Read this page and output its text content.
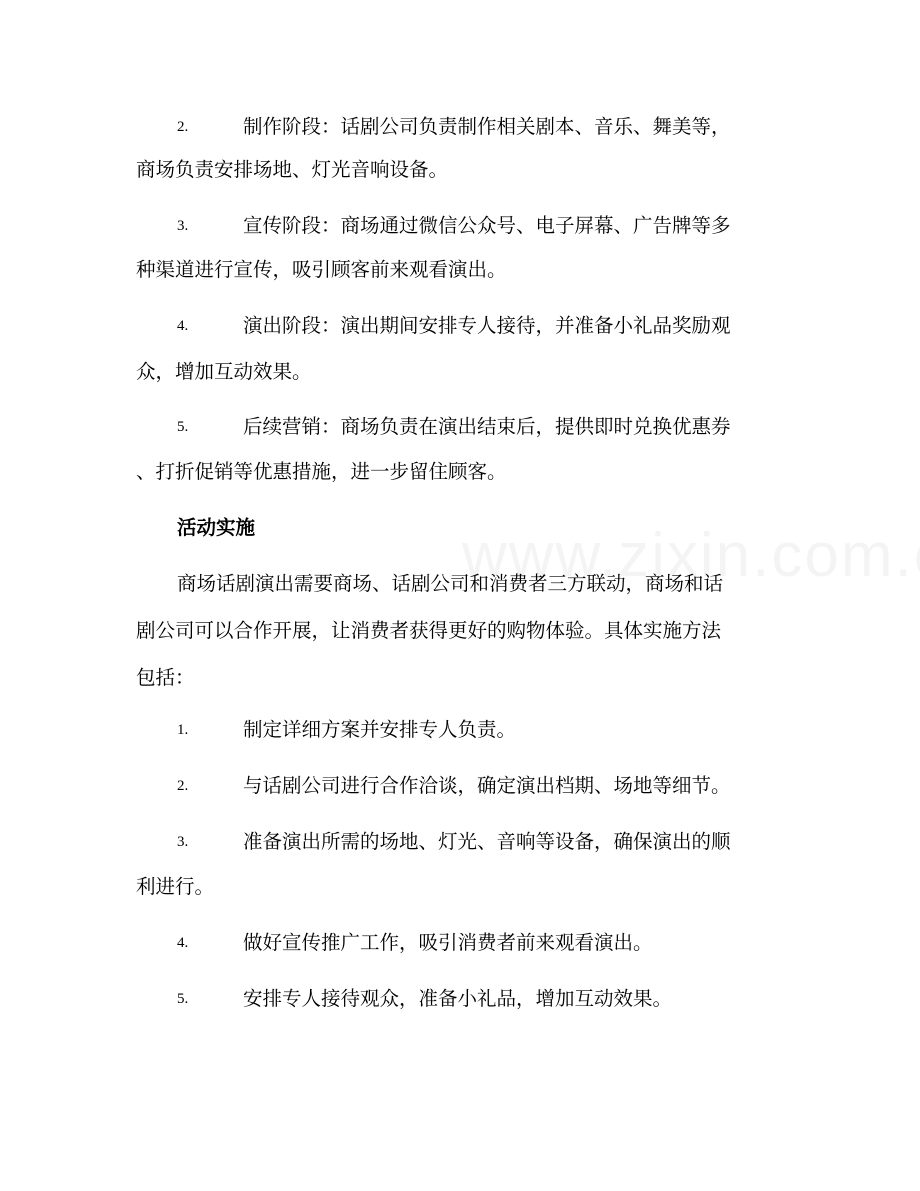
2.	制作阶段：话剧公司负责制作相关剧本、音乐、舞美等，
商场负责安排场地、灯光音响设备。
3.	宣传阶段：商场通过微信公众号、电子屏幕、广告牌等多
种渠道进行宣传，吸引顾客前来观看演出。
4.	演出阶段：演出期间安排专人接待，并准备小礼品奖励观
众，增加互动效果。
5.	后续营销：商场负责在演出结束后，提供即时兑换优惠券
、打折促销等优惠措施，进一步留住顾客。
活动实施
商场话剧演出需要商场、话剧公司和消费者三方联动，商场和话
剧公司可以合作开展，让消费者获得更好的购物体验。具体实施方法
包括：
1.	制定详细方案并安排专人负责。
2.	与话剧公司进行合作洽谈，确定演出档期、场地等细节。
3.	准备演出所需的场地、灯光、音响等设备，确保演出的顺
利进行。
4.	做好宣传推广工作，吸引消费者前来观看演出。
5.	安排专人接待观众，准备小礼品，增加互动效果。
